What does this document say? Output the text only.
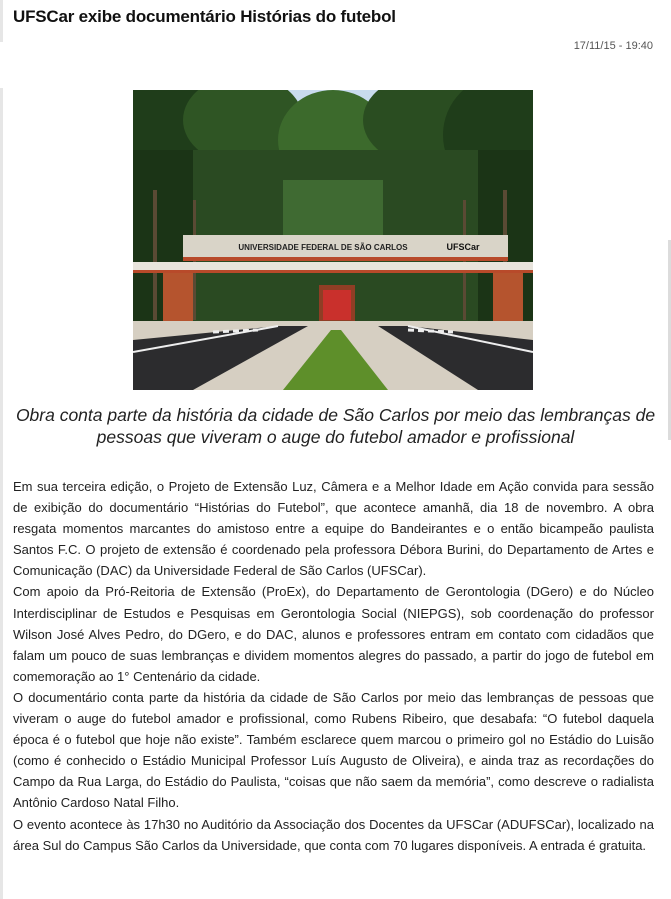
UFSCar exibe documentário Histórias do futebol
17/11/15 - 19:40
UNIVERSIDADE FEDERAL DE SÃO CARLOS	UFSCar

Obra conta parte da história da cidade de São Carlos por meio das lembranças de pessoas que viveram o auge do futebol amador e profissional

Em sua terceira edição, o Projeto de Extensão Luz, Câmera e a Melhor Idade em Ação convida para sessão de exibição do documentário “Histórias do Futebol”, que acontece amanhã, dia 18 de novembro. A obra resgata momentos marcantes do amistoso entre a equipe do Bandeirantes e o então bicampeão paulista Santos F.C. O projeto de extensão é coordenado pela professora Débora Burini, do Departamento de Artes e Comunicação (DAC) da Universidade Federal de São Carlos (UFSCar).

Com apoio da Pró-Reitoria de Extensão (ProEx), do Departamento de Gerontologia (DGero) e do Núcleo Interdisciplinar de Estudos e Pesquisas em Gerontologia Social (NIEPGS), sob coordenação do professor Wilson José Alves Pedro, do DGero, e do DAC, alunos e professores entram em contato com cidadãos que falam um pouco de suas lembranças e dividem momentos alegres do passado, a partir do jogo de futebol em comemoração ao 1° Centenário da cidade.

O documentário conta parte da história da cidade de São Carlos por meio das lembranças de pessoas que viveram o auge do futebol amador e profissional, como Rubens Ribeiro, que desabafa: “O futebol daquela época é o futebol que hoje não existe”. Também esclarece quem marcou o primeiro gol no Estádio do Luisão (como é conhecido o Estádio Municipal Professor Luís Augusto de Oliveira), e ainda traz as recordações do Campo da Rua Larga, do Estádio do Paulista, “coisas que não saem da memória”, como descreve o radialista Antônio Cardoso Natal Filho.

O evento acontece às 17h30 no Auditório da Associação dos Docentes da UFSCar (ADUFSCar), localizado na área Sul do Campus São Carlos da Universidade, que conta com 70 lugares disponíveis. A entrada é gratuita.
